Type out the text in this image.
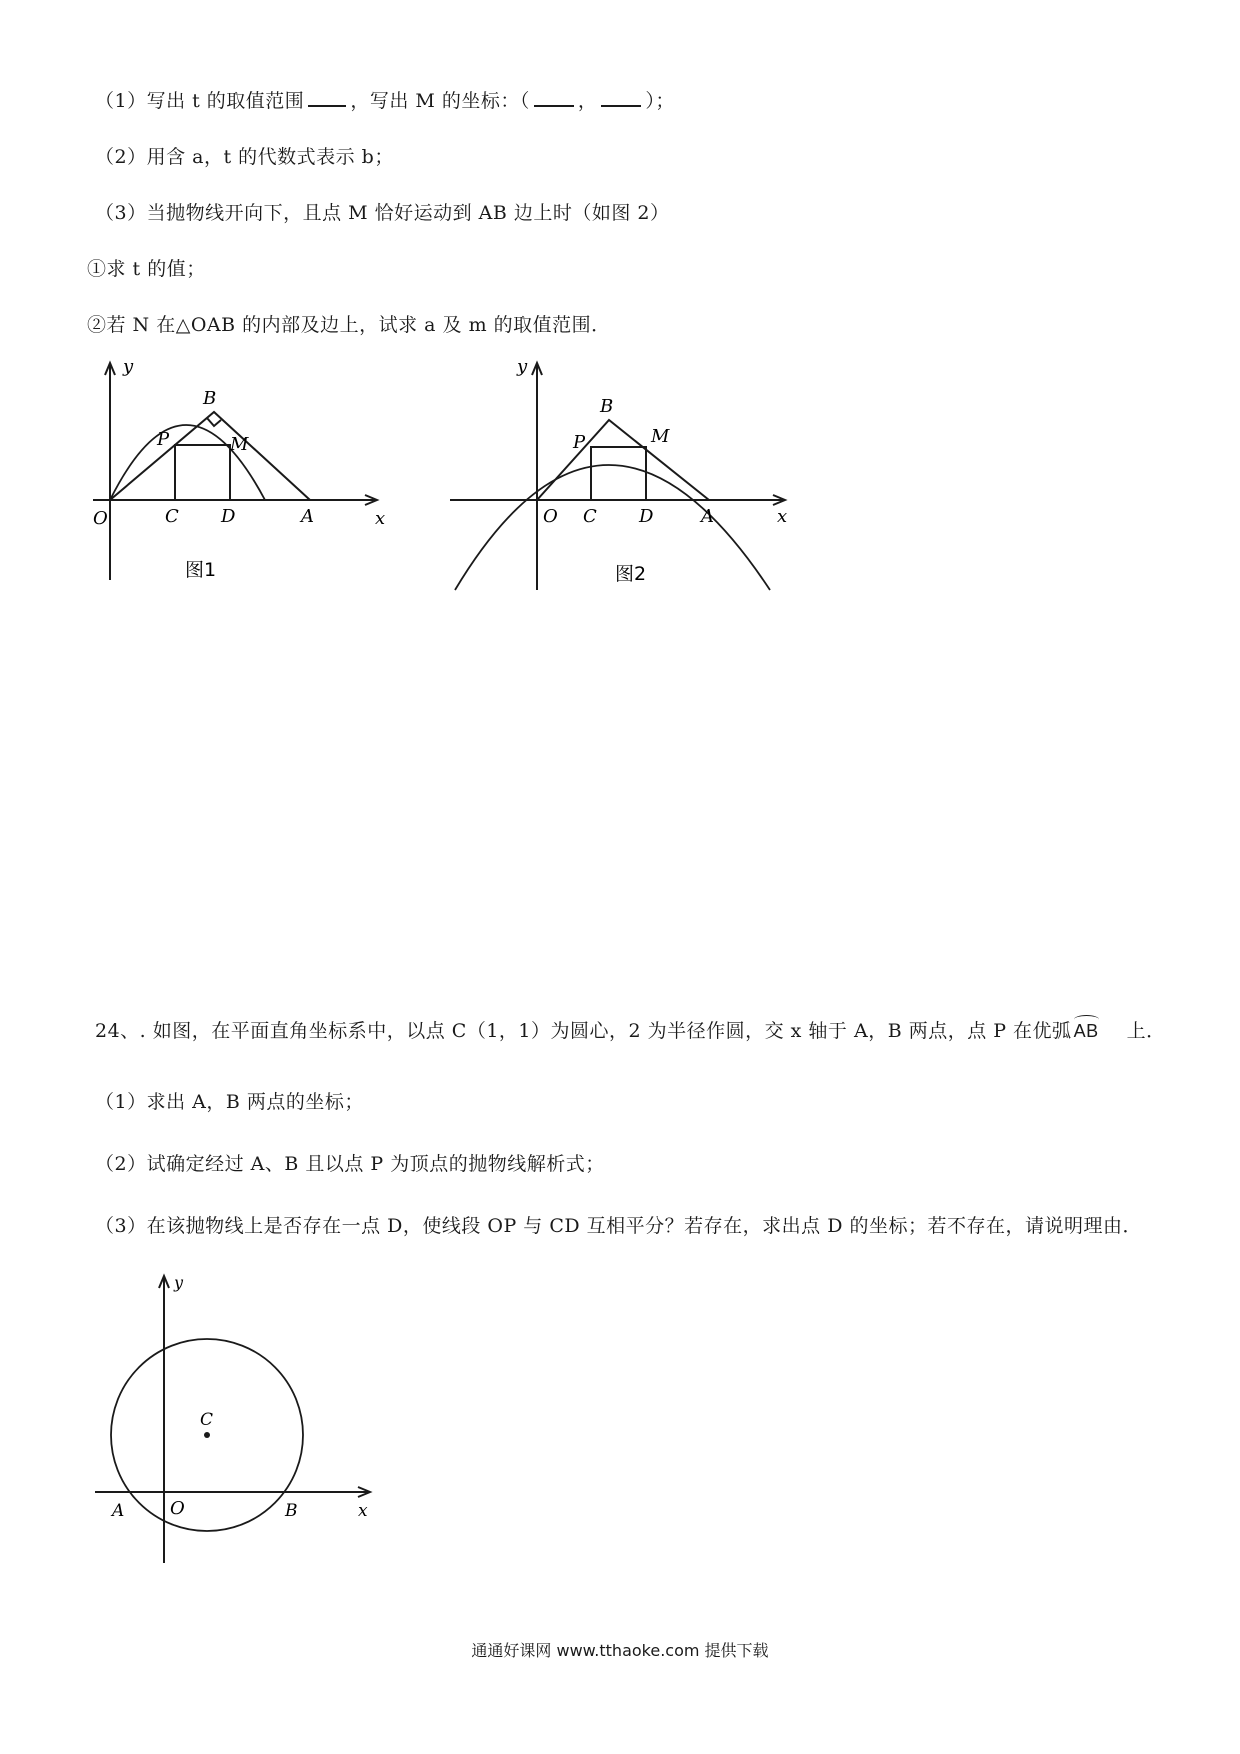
（1）写出 t 的取值范围 ，写出 M 的坐标：（	，	）；
（2）用含 a，t 的代数式表示 b；
（3）当抛物线开向下，且点 M 恰好运动到 AB 边上时（如图 2）
①求 t 的值；
②若 N 在△OAB 的内部及边上，试求 a 及 m 的取值范围．
y
x
O	C D	A
B
P	M
图1
y
x
O C D	A
B
P	M
图2
24、. 如图，在平面直角坐标系中，以点 C（1，1）为圆心，2 为半径作圆，交 x 轴于 A，B 两点，点 P 在优弧 AB 上．
（1）求出 A，B 两点的坐标；
（2）试确定经过 A、B 且以点 P 为顶点的抛物线解析式；
（3）在该抛物线上是否存在一点 D，使线段 OP 与 CD 互相平分？若存在，求出点 D 的坐标；若不存在，请说明理由．
y
x
O
A	B
C
通通好课网 www.tthaoke.com 提供下载
